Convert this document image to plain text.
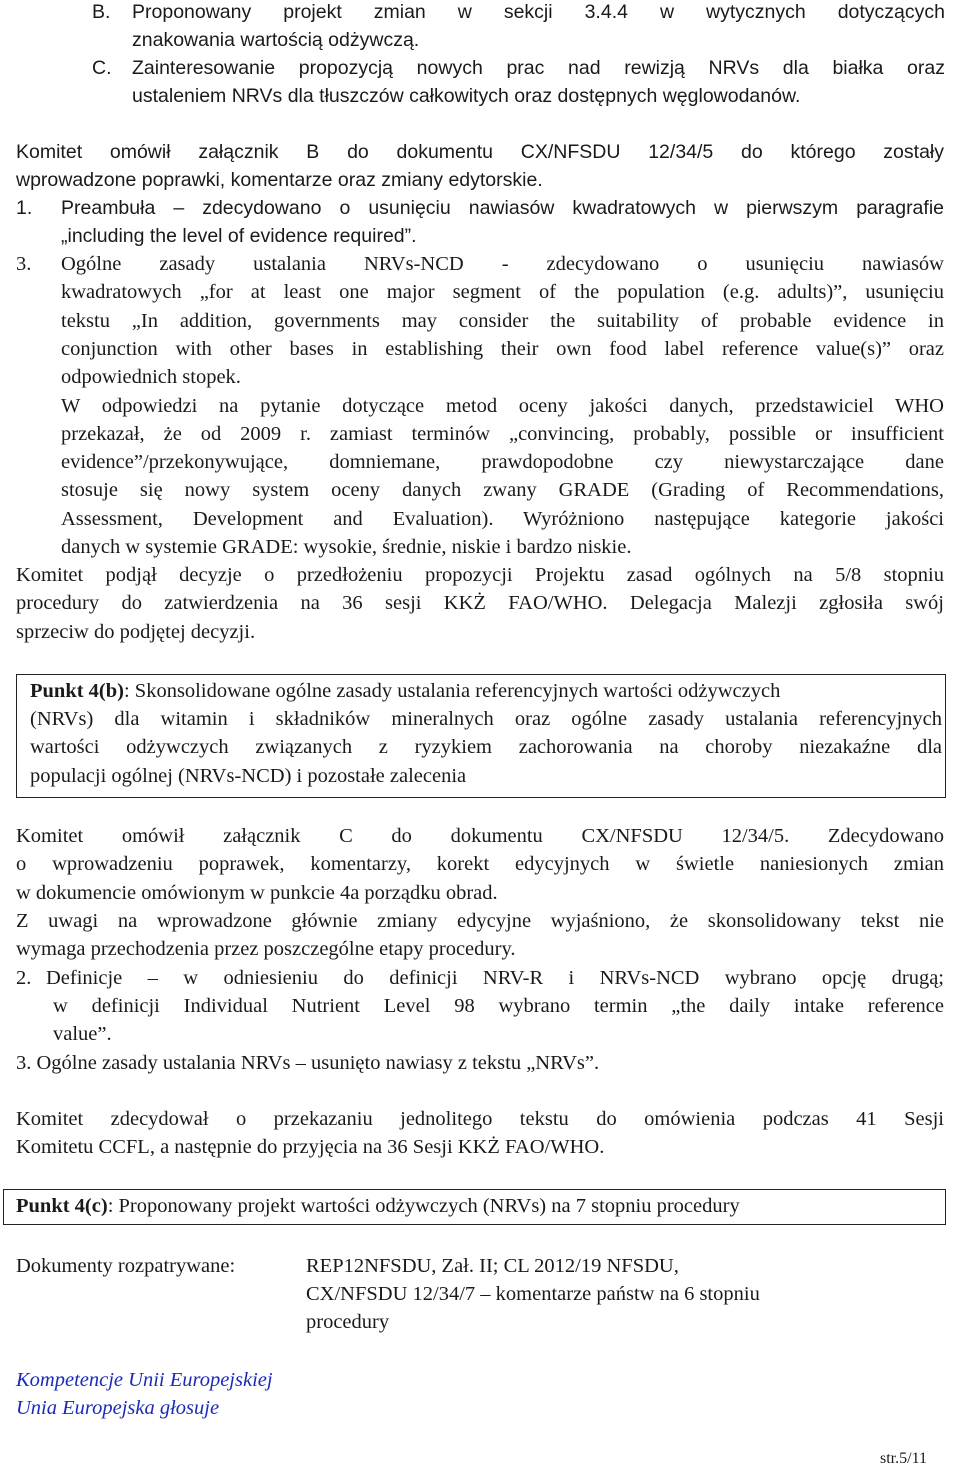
B. Proponowany projekt zmian w sekcji 3.4.4 w wytycznych dotyczących
znakowania wartością odżywczą.
C. Zainteresowanie propozycją nowych prac nad rewizją NRVs dla białka oraz
ustaleniem NRVs dla tłuszczów całkowitych oraz dostępnych węglowodanów.
Komitet omówił załącznik B do dokumentu CX/NFSDU 12/34/5 do którego zostały
wprowadzone poprawki, komentarze oraz zmiany edytorskie.
1. Preambuła – zdecydowano o usunięciu nawiasów kwadratowych w pierwszym paragrafie
„including the level of evidence required”.
3. Ogólne zasady ustalania NRVs-NCD - zdecydowano o usunięciu nawiasów
kwadratowych „for at least one major segment of the population (e.g. adults)”, usunięciu
tekstu „In addition, governments may consider the suitability of probable evidence in
conjunction with other bases in establishing their own food label reference value(s)” oraz
odpowiednich stopek.
W odpowiedzi na pytanie dotyczące metod oceny jakości danych, przedstawiciel WHO
przekazał, że od 2009 r. zamiast terminów „convincing, probably, possible or insufficient
evidence”/przekonywujące, domniemane, prawdopodobne czy niewystarczające dane
stosuje się nowy system oceny danych zwany GRADE (Grading of Recommendations,
Assessment, Development and Evaluation). Wyróżniono następujące kategorie jakości
danych w systemie GRADE: wysokie, średnie, niskie i bardzo niskie.
Komitet podjął decyzje o przedłożeniu propozycji Projektu zasad ogólnych na 5/8 stopniu
procedury do zatwierdzenia na 36 sesji KKŻ FAO/WHO. Delegacja Malezji zgłosiła swój
sprzeciw do podjętej decyzji.
Punkt 4(b): Skonsolidowane ogólne zasady ustalania referencyjnych wartości odżywczych
(NRVs) dla witamin i składników mineralnych oraz ogólne zasady ustalania referencyjnych
wartości odżywczych związanych z ryzykiem zachorowania na choroby niezakaźne dla
populacji ogólnej (NRVs-NCD) i pozostałe zalecenia
Komitet omówił załącznik C do dokumentu CX/NFSDU 12/34/5. Zdecydowano
o wprowadzeniu poprawek, komentarzy, korekt edycyjnych w świetle naniesionych zmian
w dokumencie omówionym w punkcie 4a porządku obrad.
Z uwagi na wprowadzone głównie zmiany edycyjne wyjaśniono, że skonsolidowany tekst nie
wymaga przechodzenia przez poszczególne etapy procedury.
2. Definicje – w odniesieniu do definicji NRV-R i NRVs-NCD wybrano opcję drugą;
w definicji Individual Nutrient Level 98 wybrano termin „the daily intake reference
value”.
3. Ogólne zasady ustalania NRVs – usunięto nawiasy z tekstu „NRVs”.
Komitet zdecydował o przekazaniu jednolitego tekstu do omówienia podczas 41 Sesji
Komitetu CCFL, a następnie do przyjęcia na 36 Sesji KKŻ FAO/WHO.
Punkt 4(c): Proponowany projekt wartości odżywczych (NRVs) na 7 stopniu procedury
Dokumenty rozpatrywane:	REP12NFSDU, Zał. II; CL 2012/19 NFSDU,
CX/NFSDU 12/34/7 – komentarze państw na 6 stopniu
procedury
Kompetencje Unii Europejskiej
Unia Europejska głosuje
str.5/11
